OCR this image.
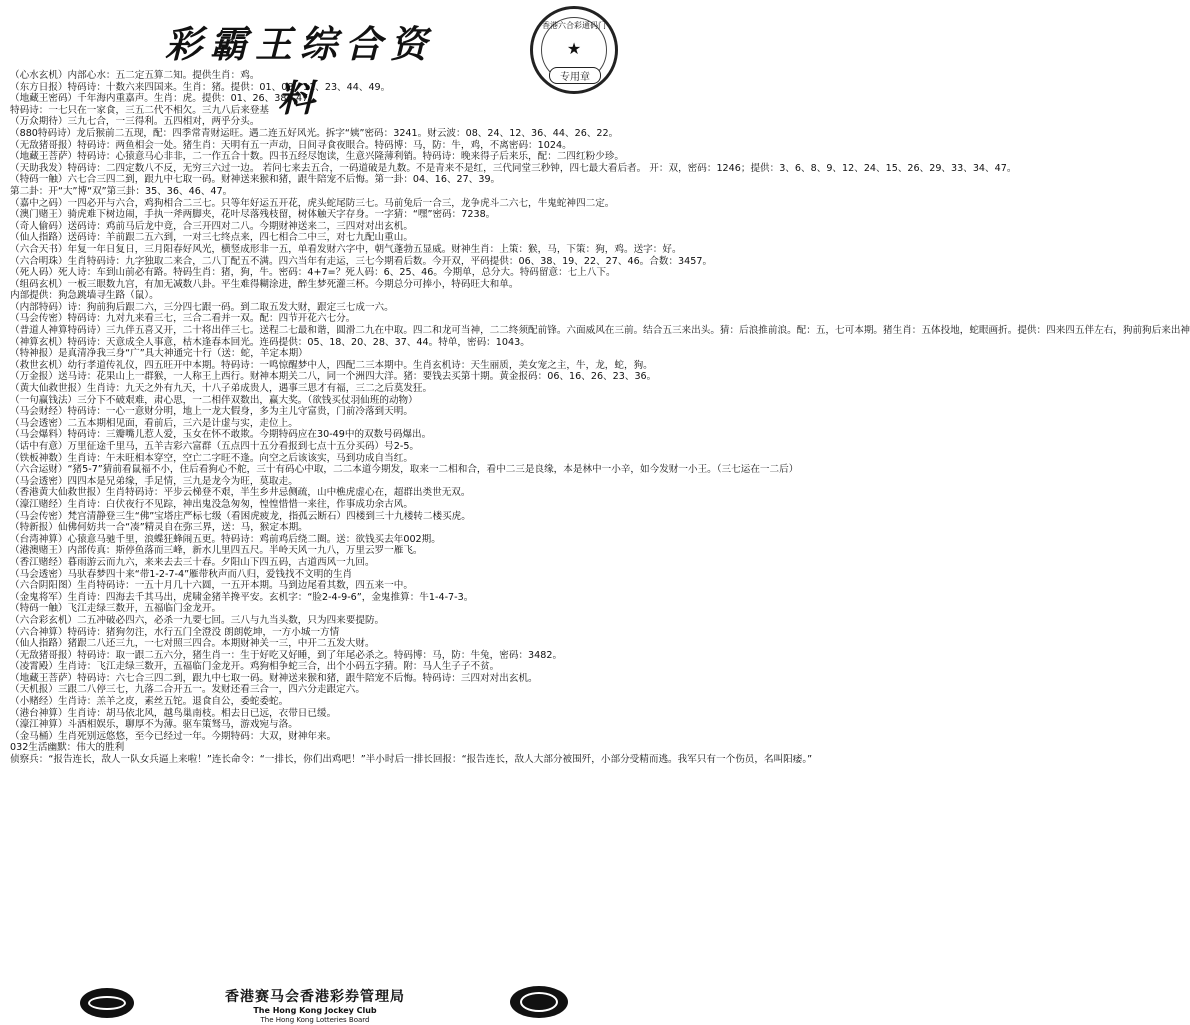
彩霸王综合资料
香港六合彩通码门
★
专用章
（心水玄机）内部心水：五二定五算二知。提供生肖：鸡。
（东方日报）特码诗：十数六来四国来。生肖：猪。提供：01、08、11、23、44、49。
（地藏王密码）千年海内重嘉声。生肖：虎。提供：01、26、38、47。
特码诗：一七只在一家食，三五二代不相欠。三九八后来登基
（万众期待）三九七合，一三得利。五四相对，两乎分头。
（880特码诗）龙后猴前二五现，配：四季常青财运旺。遇二连五好风光。拆字“姨”密码：3241。财云波：08、24、12、36、44、26、22。
（无敌猪哥报）特码诗：两鱼相会一处。猪生肖：天明有五一声动，日间寻食夜眼合。特码博：马，防：牛，鸡，不离密码：1024。
（地藏王菩萨）特码诗：心猿意马心非非，二一作五合十数。四书五经尽饱读，生意兴隆薄利销。特码诗：晚来得子后来乐，配：二四红粉少珍。
（天助我发）特码诗：二四定数八不反，无穷三六过一边。 若问七来去五合，一码道破是九数。不是青来不是红，三代同堂三秒钟，四七最大看后者。 开：双，密码：1246；提供：3、6、8、9、12、24、15、26、29、33、34、47。
（特码一触）六七合三四二到，跟九中七取一码。财神送来猴和猪，跟牛陪宠不后悔。第一卦：04、16、27、39。
第二卦：开“大”博“双”第三卦：35、36、46、47。
（嘉中之码）一四必开与六合，鸡狗相合二三七。只等年好运五开花，虎头蛇尾防三七。马前兔后一合三，龙争虎斗二六七，牛鬼蛇神四二定。
（澳门赌王）骑虎难下树边闹，手执一斧两脚夹，花叶尽落残枝留，树体触天字存身。一字猜：“嘿”密码：7238。
（奇人偷码）送码诗：鸡前马后龙中竟，合三开四对二八。今期财神送来二，三四对对出玄机。
（仙人指路）送码诗：羊前跟二五六到，一对三七终点来，四七相合二中三，对七九配山重山。
（六合天书）年复一年日复日，三月阳春好风光，横竖成形非一五，单看发财六字中，朝气蓬勃五显威。财神生肖：上策：猴，马，下策：狗，鸡。送字：好。
（六合明珠）生肖特码诗：九字独取二来合，二八丁配五不满。四六当年有走运，三七今期看后数。今开双，平码提供：06、38、19、22、27、46。合数：3457。
（死人码）死人诗：车到山前必有路。特码生肖：猪，狗，牛。密码：4+7=？死人码：6、25、46。今期单，总分大。特码留意：七上八下。
（组码玄机）一板三眼数九宫，有加无减数八卦。平生难得糊涂进，醉生梦死灌三杯。今期总分可捧小，特码旺大和单。
内部提供：狗急跳墙寻生路（鼠）。
（内部特码）诗：狗前狗后跟二六，三分四七跟一码。到二取五发大财，跟定三七成一六。
（马会传密）特码诗：九对九来看三七，三合二看并一双。配：四节开花六七分。
（普道人神算特码诗）三九伴五喜又开，二十将出伴三七。送程二七最和谐，圆滑二九在中取。四二和龙可当神，二二终须配前锋。六面威风在三前。结合五三来出头。猜：后浪推前浪。配：五，七可本期。猪生肖：五体投地，蛇眼画折。提供：四来四五伴左右，狗前狗后来出神
（神算玄机）特码诗：天意成全人事意，枯木逢春本回光。连码提供：05、18、20、28、37、44。特单，密码：1043。
（特神报）是真清净我三身“广”具大神通完十行（送：蛇，羊定本期）
（救世玄机）幼行孝道传礼仪，四五旺开中本期。特码诗：一鸣惊醒梦中人，四配二三本期中。生肖玄机诗：天生丽质，美女宠之主，牛，龙，蛇，狗。
（万金报）送马诗：花果山上一群猴，一人称王上西行。财神本期关二八，同一个洲四大洋。猪：要钱去买第十期。黄金报码：06、16、26、23、36。
（黄大仙救世报）生肖诗：九天之外有九天，十八子弟成贵人，遇事三思才有福，三二之后莫发狂。
（一句赢钱法）三分下不破艰难，肃心思，一二相伴双数出，赢大奖。（欲钱买仗羽仙班的动物）
（马会财经）特码诗：一心一意财分明，地上一龙大假身，多为主儿守富贵，门前冷落到天明。
（马会透密）二五本期相见面，看前后，三六是计虚与实，走位上。
（马会爆料）特码诗：三瓣嘴儿惹人爱，玉女在怀不敢欺。今期特码应在30-49中的双数号码爆出。
（话中有意）万里征途千里马，五羊吉彩六富群（五点四十五分看报到七点十五分买码）号2-5。
（铁板神数）生肖诗：午未旺相本穿空，空亡二字旺不逢。向空之后该该实，马到功成自当红。
（六合运财）“猪5-7”猜前看鼠福不小，住后看狗心不舵，三十有码心中取，二二本道今期发，取来一二相和合，看中二三是良缘，本是林中一小辛，如今发财一小王。（三七运在一二后）
（马会透密）四四本是兄弟缘，手足情，三九是龙今为旺，莫取走。
（香港黄大仙救世报）生肖特码诗：平步云梯登不艰，半生乡井忌侧疏，山中樵虎虚心在，超群出类世无双。
（濠江赌经）生肖诗：白伏夜行不见踪，神出鬼没急匆匆，惶惶惜惜一来往，作事成功余古风。
（马会传密）梵宫清静登三生“佛”宝塔庄严标七级（看困虎疲龙，指孤云断石）四楼到三十九楼转二楼买虎。
（特新报）仙佛何妨共一合“凑”精灵自在弥三界，送：马，猴定本期。
（台湾神算）心猿意马驰千里，浪蝶狂蜂闹五更。特码诗：鸡前鸡后绕二圈。送：欲钱买去年002期。
（港澳赌王）内部传真：斯停鱼落而三峰，新水儿里四五尺。半岭天风一九八，万里云罗一雁飞。
（香江赌经）暮雨游云而九六，来来去去三十春。夕阳山下四五码，古道西风一九回。
（马会透密）马驮春梦四十来“带1-2-7-4”雁带秋声而八归，爱钱找不文明的生肖
（六合阴阳图）生肖特码诗：一五十月几十六圆，一五开本期。马到边尾看其数，四五来一中。
（金鬼将军）生肖诗：四海去千其马出，虎啸金猪羊搀平安。玄机字：“脸2-4-9-6”，金鬼推算：牛1-4-7-3。
（特码一触）飞江走绿三数开，五福临门金龙开。
（六合彩玄机）二五冲破必四六，必杀一九要七回。三八与九当头数，只为四来要提防。
（六合神算）特码诗：猪狗勿注，水行五门全澄没 朗朗乾坤，一方小城一方情
（仙人指路）猪跟二八还三九，一七对照三四合。本期财神关一三，中开二五发大财。
（无敌猪哥报）特码诗：取一跟二五六分，猪生肖一：生于好吃又好睡，到了年尾必杀之。特码博：马，防：牛兔，密码：3482。
（凌霄殿）生肖诗：飞江走绿三数开，五福临门金龙开。鸡狗相争蛇三合，出个小码五字猜。附：马人生子子不贫。
（地藏王菩萨）特码诗：六七合三四二到，跟九中七取一码。财神送来猴和猪，跟牛陪宠不后悔。特码诗：三四对对出玄机。
（天机报）三跟二八停三七，九落二合开五一。发财还看三合一，四六分走跟定六。
（小赌经）生肖诗：羔羊之皮，素丝五铊。退食自公，委蛇委蛇。
（港台神算）生肖诗：胡马依北风，越鸟巢南枝。相去日已远，衣带日已缓。
（濠江神算）斗酒相娱乐，聊厚不为薄。驱车策驽马，游戏宛与洛。
（金马桶）生肖死别远悠悠，至今已经过一年。今期特码：大双，财神年来。
032生活幽默：伟大的胜利
侦察兵：“报告连长，敌人一队女兵逼上来啦！”连长命令：“一排长，你们出鸡吧！”半小时后一排长回报：“报告连长，敌人大部分被围歼，小部分受精而逃。我军只有一个伤员，名叫阳痿。”
香港赛马会香港彩券管理局
The Hong Kong Jockey Club
The Hong Kong Lotteries Board
